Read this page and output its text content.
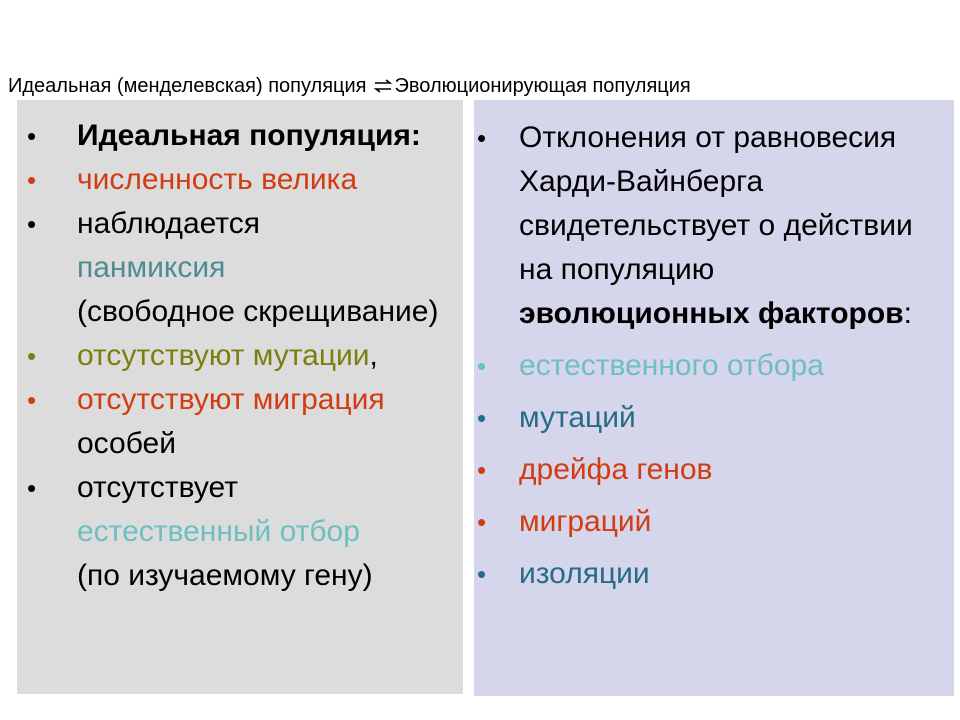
Идеальная (менделевская) популяция ⇌ Эволюционирующая популяция
• Идеальная популяция:
• численность велика
• наблюдается
панмиксия
(свободное скрещивание)
• отсутствуют мутации,
• отсутствуют миграция особей
• отсутствует
естественный отбор
(по изучаемому гену)
• Отклонения от равновесия Харди-Вайнберга свидетельствует о действии на популяцию эволюционных факторов:
• естественного отбора
• мутаций
• дрейфа генов
• миграций
• изоляции
